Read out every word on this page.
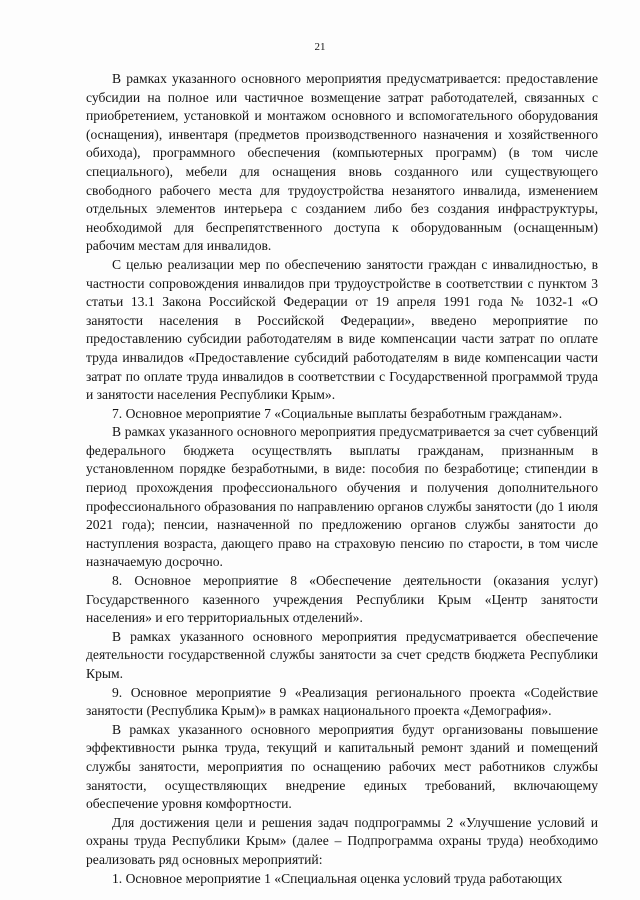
21

В рамках указанного основного мероприятия предусматривается: предоставление субсидии на полное или частичное возмещение затрат работодателей, связанных с приобретением, установкой и монтажом основного и вспомогательного оборудования (оснащения), инвентаря (предметов производственного назначения и хозяйственного обихода), программного обеспечения (компьютерных программ) (в том числе специального), мебели для оснащения вновь созданного или существующего свободного рабочего места для трудоустройства незанятого инвалида, изменением отдельных элементов интерьера с созданием либо без создания инфраструктуры, необходимой для беспрепятственного доступа к оборудованным (оснащенным) рабочим местам для инвалидов.

С целью реализации мер по обеспечению занятости граждан с инвалидностью, в частности сопровождения инвалидов при трудоустройстве в соответствии с пунктом 3 статьи 13.1 Закона Российской Федерации от 19 апреля 1991 года № 1032-1 «О занятости населения в Российской Федерации», введено мероприятие по предоставлению субсидии работодателям в виде компенсации части затрат по оплате труда инвалидов «Предоставление субсидий работодателям в виде компенсации части затрат по оплате труда инвалидов в соответствии с Государственной программой труда и занятости населения Республики Крым».

7. Основное мероприятие 7 «Социальные выплаты безработным гражданам».

В рамках указанного основного мероприятия предусматривается за счет субвенций федерального бюджета осуществлять выплаты гражданам, признанным в установленном порядке безработными, в виде: пособия по безработице; стипендии в период прохождения профессионального обучения и получения дополнительного профессионального образования по направлению органов службы занятости (до 1 июля 2021 года); пенсии, назначенной по предложению органов службы занятости до наступления возраста, дающего право на страховую пенсию по старости, в том числе назначаемую досрочно.

8. Основное мероприятие 8 «Обеспечение деятельности (оказания услуг) Государственного казенного учреждения Республики Крым «Центр занятости населения» и его территориальных отделений».

В рамках указанного основного мероприятия предусматривается обеспечение деятельности государственной службы занятости за счет средств бюджета Республики Крым.

9. Основное мероприятие 9 «Реализация регионального проекта «Содействие занятости (Республика Крым)» в рамках национального проекта «Демография».

В рамках указанного основного мероприятия будут организованы повышение эффективности рынка труда, текущий и капитальный ремонт зданий и помещений службы занятости, мероприятия по оснащению рабочих мест работников службы занятости, осуществляющих внедрение единых требований, включающему обеспечение уровня комфортности.

Для достижения цели и решения задач подпрограммы 2 «Улучшение условий и охраны труда Республики Крым» (далее – Подпрограмма охраны труда) необходимо реализовать ряд основных мероприятий:

1. Основное мероприятие 1 «Специальная оценка условий труда работающих
